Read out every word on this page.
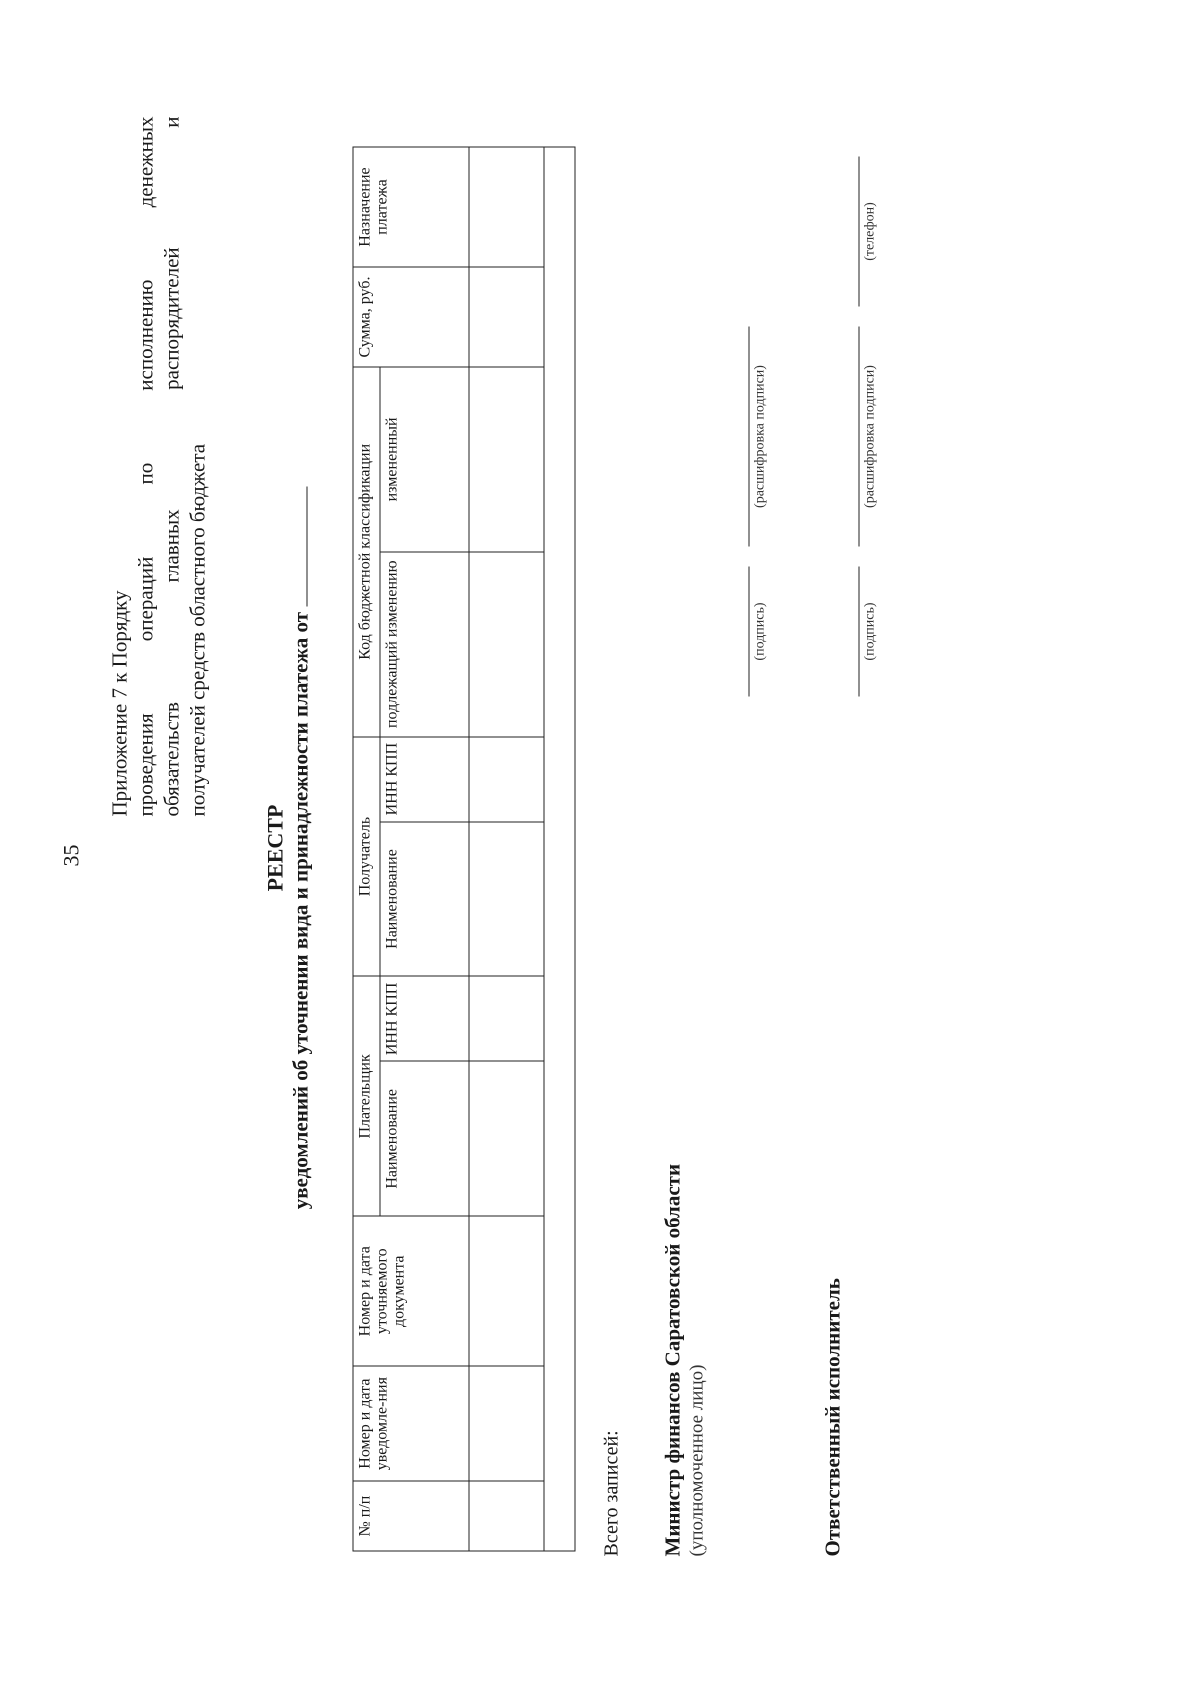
35
Приложение 7 к Порядку проведения операций по исполнению денежных обязательств главных распорядителей и получателей средств областного бюджета
РЕЕСТР уведомлений об уточнении вида и принадлежности платежа от
№ п/п	Номер и дата уведомле-ния	Номер и дата уточняемого документа	Плательщик		Получатель		Код бюджетной классификации		Сумма, руб.	Назначение платежа
			Наименование	ИНН КПП	Наименование	ИНН КПП	подлежащий изменению	измененный		

Всего записей: Министр финансов Саратовской области (уполномоченное лицо)
(подпись)
(расшифровка подписи)
Ответственный исполнитель
(подпись)
(расшифровка подписи)
(телефон)
